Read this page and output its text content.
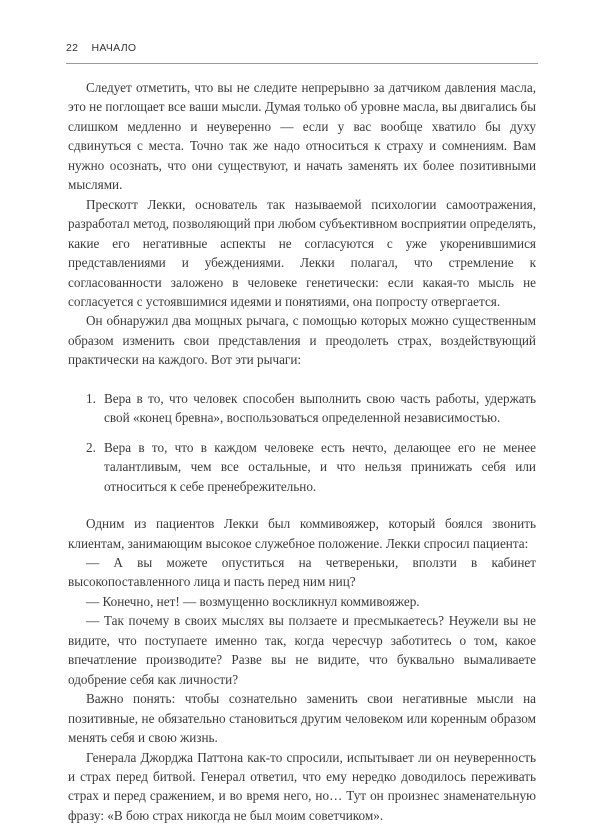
22 НАЧАЛО

Следует отметить, что вы не следите непрерывно за датчиком давления масла, это не поглощает все ваши мысли. Думая только об уровне масла, вы двигались бы слишком медленно и неуверенно — если у вас вообще хватило бы духу сдвинуться с места. Точно так же надо относиться к страху и сомнениям. Вам нужно осознать, что они существуют, и начать заменять их более позитивными мыслями.

Прескотт Лекки, основатель так называемой психологии самоотражения, разработал метод, позволяющий при любом субъективном восприятии определять, какие его негативные аспекты не согласуются с уже укоренившимися представлениями и убеждениями. Лекки полагал, что стремление к согласованности заложено в человеке генетически: если какая-то мысль не согласуется с устоявшимися идеями и понятиями, она попросту отвергается.

Он обнаружил два мощных рычага, с помощью которых можно существенным образом изменить свои представления и преодолеть страх, воздействующий практически на каждого. Вот эти рычаги:

1. Вера в то, что человек способен выполнить свою часть работы, удержать свой «конец бревна», воспользоваться определенной независимостью.
2. Вера в то, что в каждом человеке есть нечто, делающее его не менее талантливым, чем все остальные, и что нельзя принижать себя или относиться к себе пренебрежительно.

Одним из пациентов Лекки был коммивояжер, который боялся звонить клиентам, занимающим высокое служебное положение. Лекки спросил пациента:

— А вы можете опуститься на четвереньки, вползти в кабинет высокопоставленного лица и пасть перед ним ниц?

— Конечно, нет! — возмущенно воскликнул коммивояжер.

— Так почему в своих мыслях вы ползаете и пресмыкаетесь? Неужели вы не видите, что поступаете именно так, когда чересчур заботитесь о том, какое впечатление производите? Разве вы не видите, что буквально вымаливаете одобрение себя как личности?

Важно понять: чтобы сознательно заменить свои негативные мысли на позитивные, не обязательно становиться другим человеком или коренным образом менять себя и свою жизнь.

Генерала Джорджа Паттона как-то спросили, испытывает ли он неуверенность и страх перед битвой. Генерал ответил, что ему нередко доводилось переживать страх и перед сражением, и во время него, но… Тут он произнес знаменательную фразу: «В бою страх никогда не был моим советчиком».
